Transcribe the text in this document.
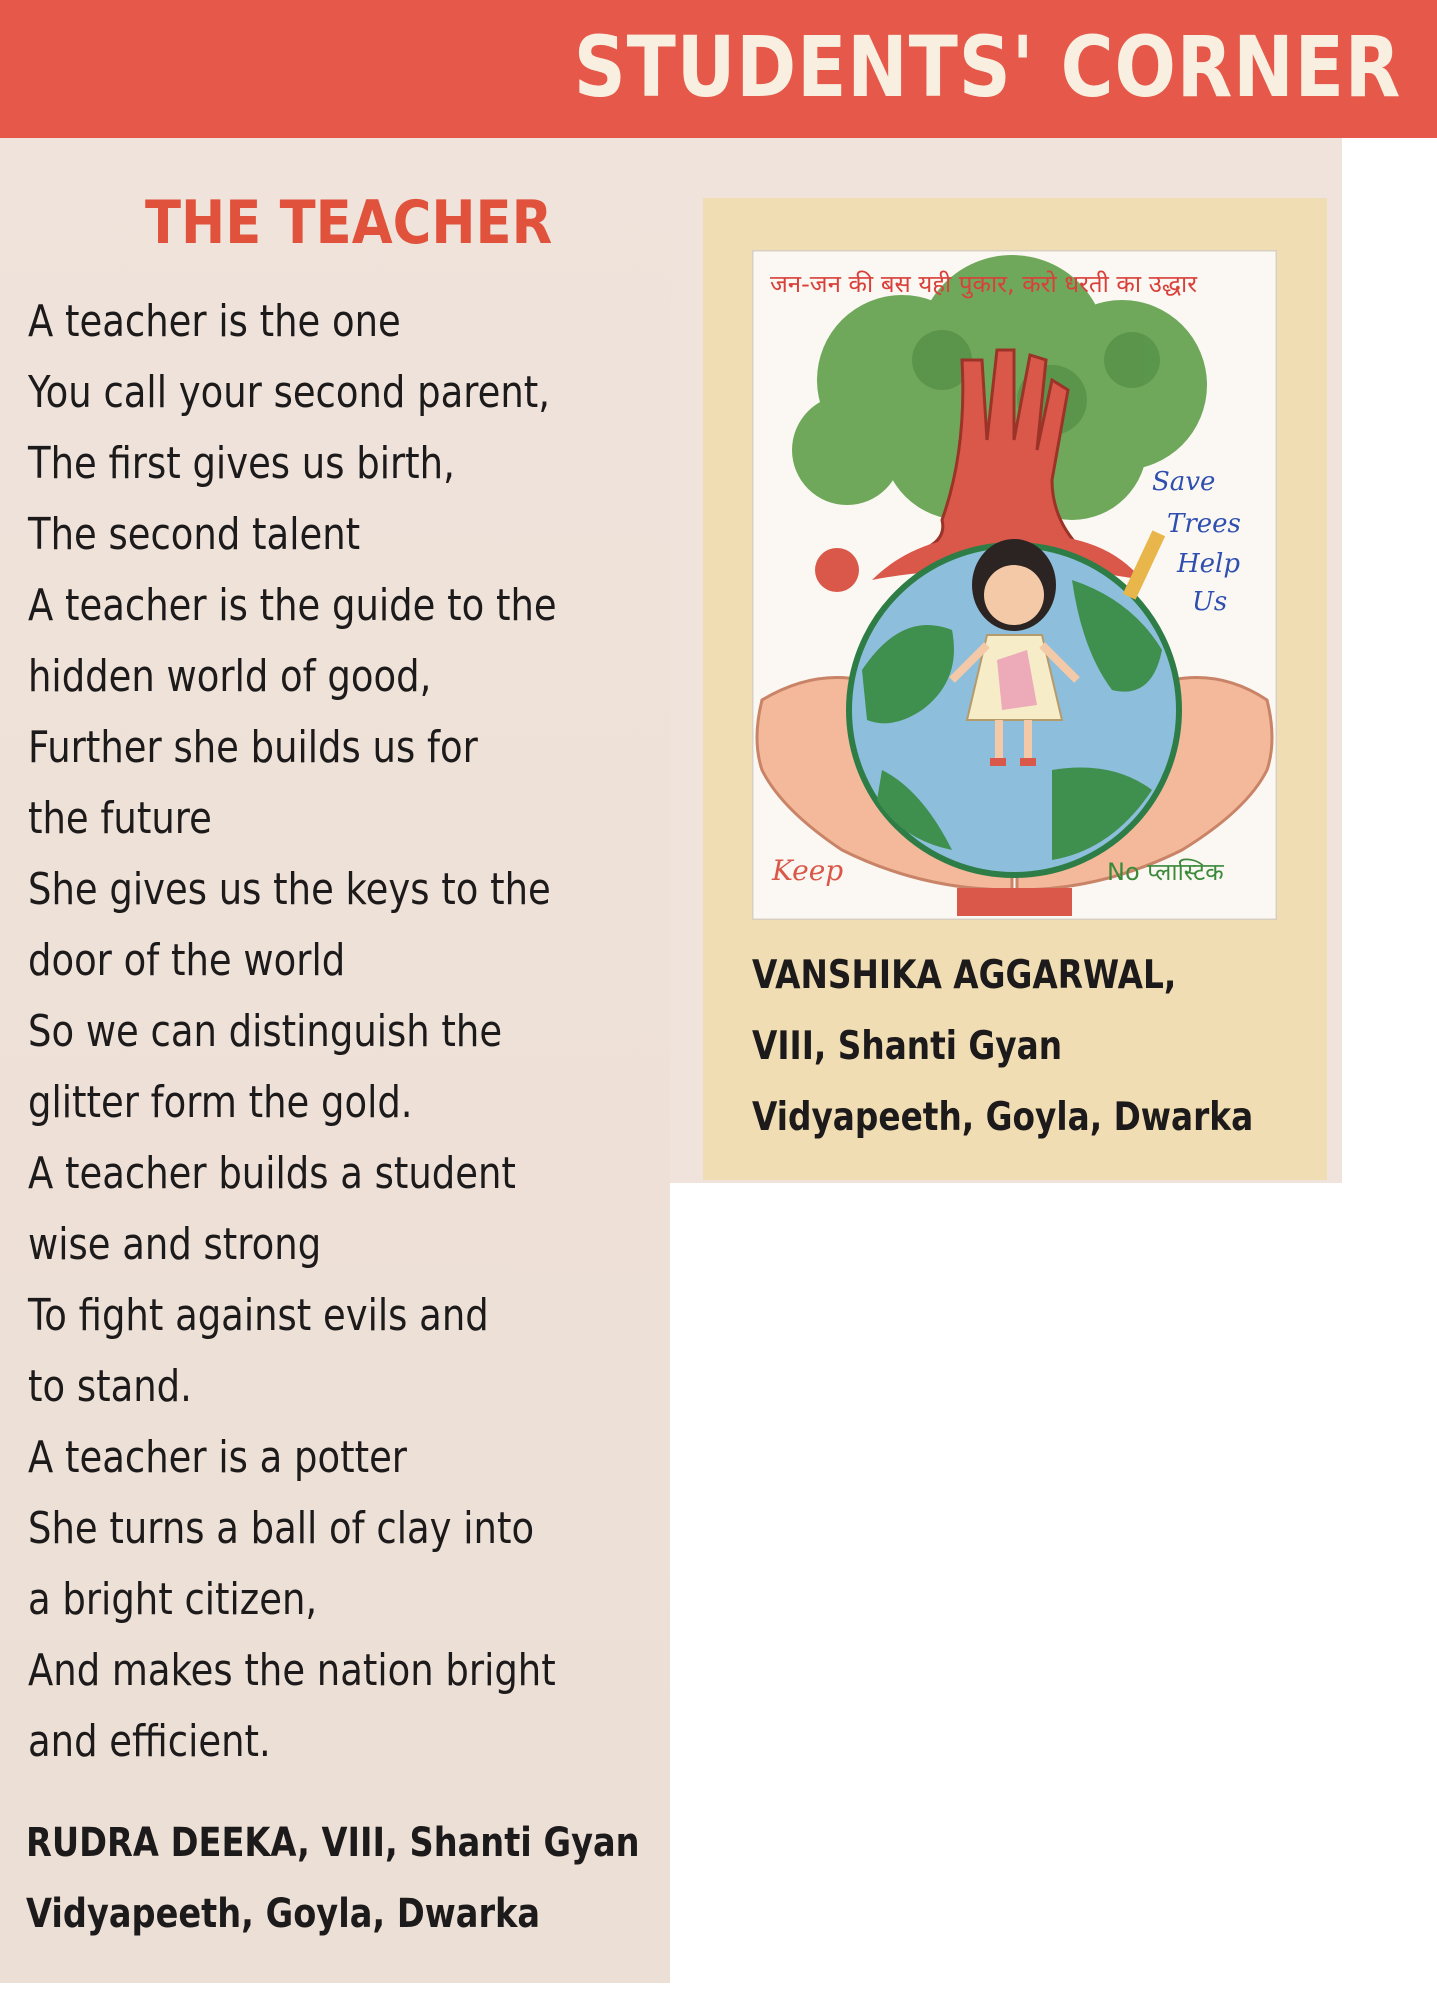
STUDENTS' CORNER
THE TEACHER
A teacher is the one
You call your second parent,
The first gives us birth,
The second talent
A teacher is the guide to the
hidden world of good,
Further she builds us for
the future
She gives us the keys to the
door of the world
So we can distinguish the
glitter form the gold.
A teacher builds a student
wise and strong
To fight against evils and
to stand.
A teacher is a potter
She turns a ball of clay into
a bright citizen,
And makes the nation bright
and efficient.
RUDRA DEEKA, VIII, Shanti Gyan
Vidyapeeth, Goyla, Dwarka
जन-जन की बस यही पुकार, करो धरती का उद्धार
Save
Trees
Help
Us
Keep	No प्लास्टिक
VANSHIKA AGGARWAL,
VIII, Shanti Gyan
Vidyapeeth, Goyla, Dwarka
